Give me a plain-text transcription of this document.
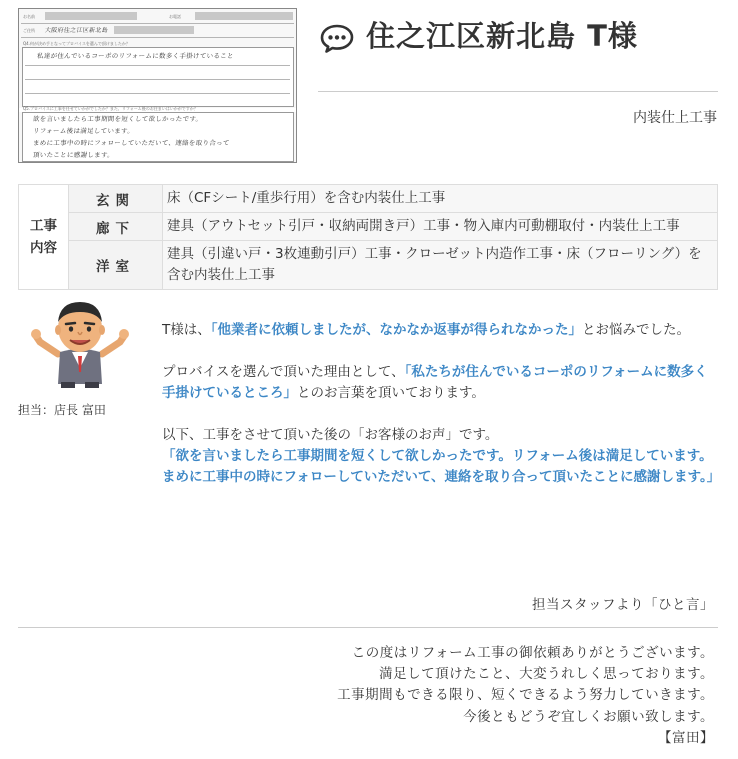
お名前	お電話
ご住所 大阪府住之江区新北島
Q4.何が決め手となってプロバイスを選んで頂けましたか？
私達が住んでいるコーポのリフォームに数多く手掛けていること
Q5.プロバイスに工事を任せていかがでしたか？また、リフォーム後のお住まいはいかがですか？
欲を言いましたら工事期間を短くして欲しかったです。
リフォーム後は満足しています。
まめに工事中の時にフォローしていただいて、連絡を取り合って
頂いたことに感謝します。
住之江区新北島 T様
内装仕上工事
工事
内容	玄関	床（CFシート/重歩行用）を含む内装仕上工事
	廊下	建具（アウトセット引戸・収納両開き戸）工事・物入庫内可動棚取付・内装仕上工事
	洋室	建具（引違い戸・3枚連動引戸）工事・クローゼット内造作工事・床（フローリング）を含む内装仕上工事
担当：店長 富田

T様は、「他業者に依頼しましたが、なかなか返事が得られなかった」とお悩みでした。

プロバイスを選んで頂いた理由として、「私たちが住んでいるコーポのリフォームに数多く手掛けているところ」とのお言葉を頂いております。

以下、工事をさせて頂いた後の「お客様のお声」です。
「欲を言いましたら工事期間を短くして欲しかったです。リフォーム後は満足しています。まめに工事中の時にフォローしていただいて、連絡を取り合って頂いたことに感謝します。」

担当スタッフより「ひと言」
この度はリフォーム工事の御依頼ありがとうございます。
満足して頂けたこと、大変うれしく思っております。
工事期間もできる限り、短くできるよう努力していきます。
今後ともどうぞ宜しくお願い致します。
【富田】
